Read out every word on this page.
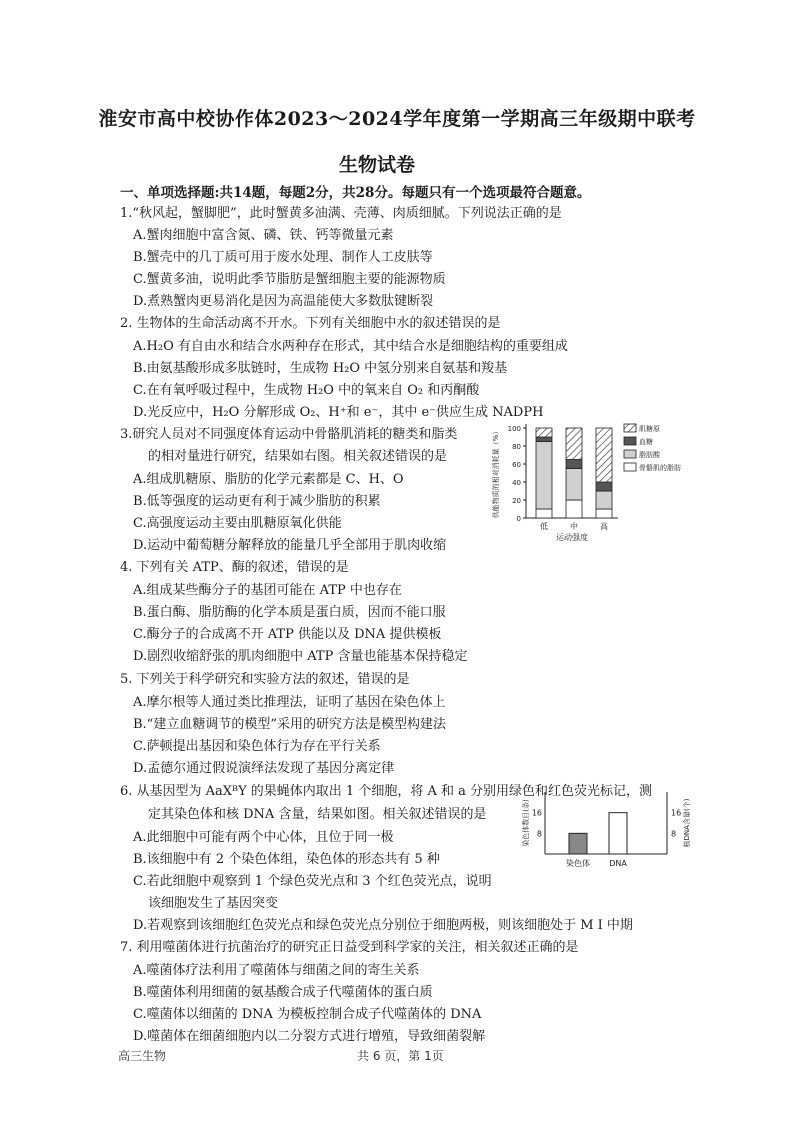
淮安市高中校协作体2023～2024学年度第一学期高三年级期中联考
生物试卷
一、单项选择题:共14题，每题2分，共28分。每题只有一个选项最符合题意。
1.“秋风起，蟹脚肥”，此时蟹黄多油满、壳薄、肉质细腻。下列说法正确的是
A.蟹肉细胞中富含氮、磷、铁、钙等微量元素
B.蟹壳中的几丁质可用于废水处理、制作人工皮肤等
C.蟹黄多油，说明此季节脂肪是蟹细胞主要的能源物质
D.煮熟蟹肉更易消化是因为高温能使大多数肽键断裂
2. 生物体的生命活动离不开水。下列有关细胞中水的叙述错误的是
A.H₂O 有自由水和结合水两种存在形式，其中结合水是细胞结构的重要组成
B.由氨基酸形成多肽链时，生成物 H₂O 中氢分别来自氨基和羧基
C.在有氧呼吸过程中，生成物 H₂O 中的氧来自 O₂ 和丙酮酸
D.光反应中，H₂O 分解形成 O₂、H⁺和 e⁻，其中 e⁻供应生成 NADPH
3.研究人员对不同强度体育运动中骨骼肌消耗的糖类和脂类
的相对量进行研究，结果如右图。相关叙述错误的是
A.组成肌糖原、脂肪的化学元素都是 C、H、O
B.低等强度的运动更有利于减少脂肪的积累
C.高强度运动主要由肌糖原氧化供能
D.运动中葡萄糖分解释放的能量几乎全部用于肌肉收缩
4. 下列有关 ATP、酶的叙述，错误的是
A.组成某些酶分子的基团可能在 ATP 中也存在
B.蛋白酶、脂肪酶的化学本质是蛋白质，因而不能口服
C.酶分子的合成离不开 ATP 供能以及 DNA 提供模板
D.剧烈收缩舒张的肌肉细胞中 ATP 含量也能基本保持稳定
5. 下列关于科学研究和实验方法的叙述，错误的是
A.摩尔根等人通过类比推理法，证明了基因在染色体上
B.“建立血糖调节的模型”采用的研究方法是模型构建法
C.萨顿提出基因和染色体行为存在平行关系
D.孟德尔通过假说演绎法发现了基因分离定律
6. 从基因型为 AaXᴮY 的果蝇体内取出 1 个细胞，将 A 和 a 分别用绿色和红色荧光标记，测
定其染色体和核 DNA 含量，结果如图。相关叙述错误的是
A.此细胞中可能有两个中心体，且位于同一极
B.该细胞中有 2 个染色体组，染色体的形态共有 5 种
C.若此细胞中观察到 1 个绿色荧光点和 3 个红色荧光点，说明
该细胞发生了基因突变
D.若观察到该细胞红色荧光点和绿色荧光点分别位于细胞两极，则该细胞处于 M Ⅰ 中期
7. 利用噬菌体进行抗菌治疗的研究正日益受到科学家的关注，相关叙述正确的是
A.噬菌体疗法利用了噬菌体与细菌之间的寄生关系
B.噬菌体利用细菌的氨基酸合成子代噬菌体的蛋白质
C.噬菌体以细菌的 DNA 为模板控制合成子代噬菌体的 DNA
D.噬菌体在细菌细胞内以二分裂方式进行增殖，导致细菌裂解
0
20
40
60
80
100
供能物质的相对消耗量（%）
运动强度
低	中	高
肌糖原
血糖
脂肪酸
骨骼肌的脂肪
8	8
16	16
染色体数目(条)	核DNA含量(个)
染色体 DNA
高三生物	共 6 页，第 1页
